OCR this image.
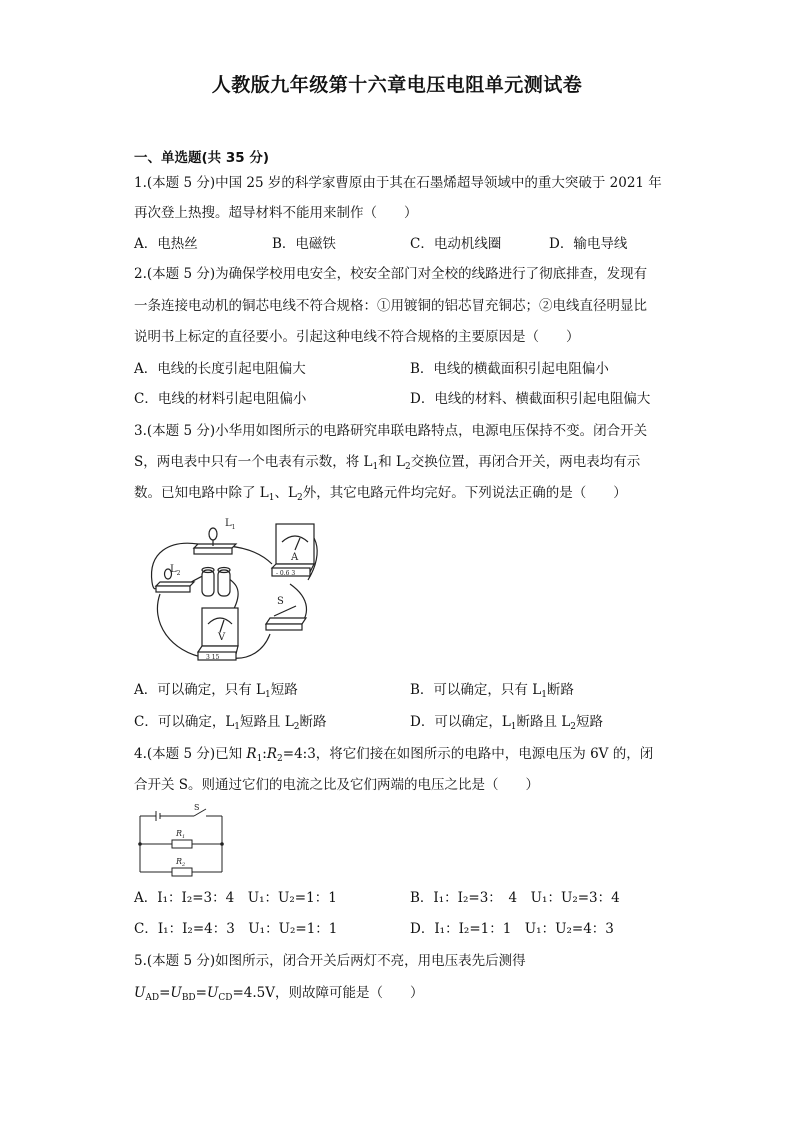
人教版九年级第十六章电压电阻单元测试卷
一、单选题(共 35 分)
1.(本题 5 分)中国 25 岁的科学家曹原由于其在石墨烯超导领域中的重大突破于 2021 年
再次登上热搜。超导材料不能用来制作（　　）
A．电热丝	B．电磁铁	C．电动机线圈	D．输电导线
2.(本题 5 分)为确保学校用电安全，校安全部门对全校的线路进行了彻底排查，发现有
一条连接电动机的铜芯电线不符合规格：①用镀铜的铝芯冒充铜芯；②电线直径明显比
说明书上标定的直径要小。引起这种电线不符合规格的主要原因是（　　）
A．电线的长度引起电阻偏大	B．电线的横截面积引起电阻偏小
C．电线的材料引起电阻偏小	D．电线的材料、横截面积引起电阻偏大
3.(本题 5 分)小华用如图所示的电路研究串联电路特点，电源电压保持不变。闭合开关
S，两电表中只有一个电表有示数，将 $L_1$和 $L_2$交换位置，再闭合开关，两电表均有示
数。已知电路中除了 $L_1$、$L_2$外，其它电路元件均完好。下列说法正确的是（　　）
$L_1$
$L_2$
A
V
S
- 0.6 3
3 15
A．可以确定，只有 $L_1$短路	B．可以确定，只有 $L_1$断路
C．可以确定，$L_1$短路且 $L_2$断路	D．可以确定，$L_1$断路且 $L_2$短路
4.(本题 5 分)已知 $R_1:R_2=4:3$，将它们接在如图所示的电路中，电源电压为 6V 的，闭
合开关 S。则通过它们的电流之比及它们两端的电压之比是（　　）
S
$R_1$
$R_2$
A．I₁：I₂=3：4　U₁：U₂=1：1	B．I₁：I₂=3：　4　U₁：U₂=3：4
C．I₁：I₂=4：3　U₁：U₂=1：1	D．I₁：I₂=1：1　U₁：U₂=4：3
5.(本题 5 分)如图所示，闭合开关后两灯不亮，用电压表先后测得
$U_{AD}=U_{BD}=U_{CD}=4.5V$，则故障可能是（　　）
